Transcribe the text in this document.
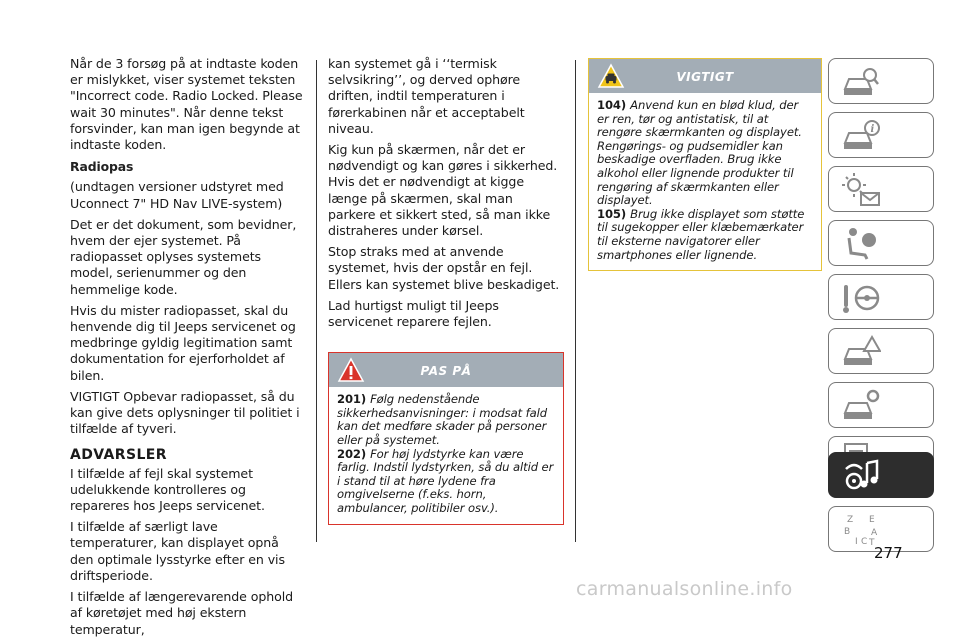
Når de 3 forsøg på at indtaste koden er mislykket, viser systemet teksten "Incorrect code. Radio Locked. Please wait 30 minutes". Når denne tekst forsvinder, kan man igen begynde at indtaste koden.

Radiopas

(undtagen versioner udstyret med Uconnect 7" HD Nav LIVE-system)

Det er det dokument, som bevidner, hvem der ejer systemet. På radiopasset oplyses systemets model, serienummer og den hemmelige kode.

Hvis du mister radiopasset, skal du henvende dig til Jeeps servicenet og medbringe gyldig legitimation samt dokumentation for ejerforholdet af bilen.

VIGTIGT Opbevar radiopasset, så du kan give dets oplysninger til politiet i tilfælde af tyveri.

ADVARSLER

I tilfælde af fejl skal systemet udelukkende kontrolleres og repareres hos Jeeps servicenet.

I tilfælde af særligt lave temperaturer, kan displayet opnå den optimale lysstyrke efter en vis driftsperiode.

I tilfælde af længerevarende ophold af køretøjet med høj ekstern temperatur,

kan systemet gå i ‘‘termisk selvsikring’’, og derved ophøre driften, indtil temperaturen i førerkabinen når et acceptabelt niveau.

Kig kun på skærmen, når det er nødvendigt og kan gøres i sikkerhed. Hvis det er nødvendigt at kigge længe på skærmen, skal man parkere et sikkert sted, så man ikke distraheres under kørsel.

Stop straks med at anvende systemet, hvis der opstår en fejl. Ellers kan systemet blive beskadiget.

Lad hurtigst muligt til Jeeps servicenet reparere fejlen.

PAS PÅ

201) Følg nedenstående sikkerhedsanvisninger: i modsat fald kan det medføre skader på personer eller på systemet.

202) For høj lydstyrke kan være farlig. Indstil lydstyrken, så du altid er i stand til at høre lydene fra omgivelserne (f.eks. horn, ambulancer, politibiler osv.).

VIGTIGT

104) Anvend kun en blød klud, der er ren, tør og antistatisk, til at rengøre skærmkanten og displayet. Rengørings- og pudsemidler kan beskadige overfladen. Brug ikke alkohol eller lignende produkter til rengøring af skærmkanten eller displayet.

105) Brug ikke displayet som støtte til sugekopper eller klæbemærkater til eksterne navigatorer eller smartphones eller lignende.

i
Z
B
E
A
I C T
277
carmanualsonline.info
